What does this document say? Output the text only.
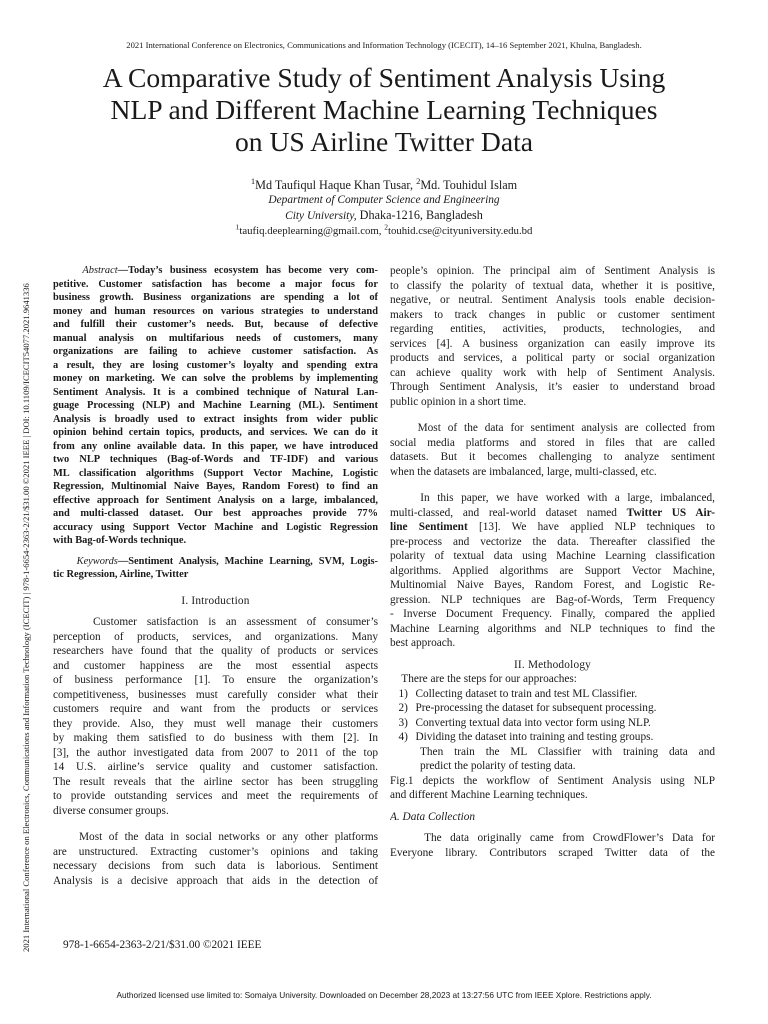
2021 International Conference on Electronics, Communications and Information Technology (ICECIT), 14–16 September 2021, Khulna, Bangladesh.
A Comparative Study of Sentiment Analysis Using
NLP and Different Machine Learning Techniques
on US Airline Twitter Data
$^1$Md Taufiqul Haque Khan Tusar, $^2$Md. Touhidul Islam
Department of Computer Science and Engineering
City University, Dhaka-1216, Bangladesh
$^1$taufiq.deeplearning@gmail.com, $^2$touhid.cse@cityuniversity.edu.bd
2021 International Conference on Electronics, Communications and Information Technology (ICECIT) | 978-1-6654-2363-2/21/$31.00 ©2021 IEEE | DOI: 10.1109/ICECIT54077.2021.9641336
Abstract—Today’s business ecosystem has become very com-
petitive. Customer satisfaction has become a major focus for
business growth. Business organizations are spending a lot of
money and human resources on various strategies to understand
and fulfill their customer’s needs. But, because of defective
manual analysis on multifarious needs of customers, many
organizations are failing to achieve customer satisfaction. As
a result, they are losing customer’s loyalty and spending extra
money on marketing. We can solve the problems by implementing
Sentiment Analysis. It is a combined technique of Natural Lan-
guage Processing (NLP) and Machine Learning (ML). Sentiment
Analysis is broadly used to extract insights from wider public
opinion behind certain topics, products, and services. We can do it
from any online available data. In this paper, we have introduced
two NLP techniques (Bag-of-Words and TF-IDF) and various
ML classification algorithms (Support Vector Machine, Logistic
Regression, Multinomial Naive Bayes, Random Forest) to find an
effective approach for Sentiment Analysis on a large, imbalanced,
and multi-classed dataset. Our best approaches provide 77%
accuracy using Support Vector Machine and Logistic Regression
with Bag-of-Words technique.
Keywords—Sentiment Analysis, Machine Learning, SVM, Logis-
tic Regression, Airline, Twitter
I. Introduction
Customer satisfaction is an assessment of consumer’s
perception of products, services, and organizations. Many
researchers have found that the quality of products or services
and customer happiness are the most essential aspects
of business performance [1]. To ensure the organization’s
competitiveness, businesses must carefully consider what their
customers require and want from the products or services
they provide. Also, they must well manage their customers
by making them satisfied to do business with them [2]. In
[3], the author investigated data from 2007 to 2011 of the top
14 U.S. airline’s service quality and customer satisfaction.
The result reveals that the airline sector has been struggling
to provide outstanding services and meet the requirements of
diverse consumer groups.
Most of the data in social networks or any other platforms
are unstructured. Extracting customer’s opinions and taking
necessary decisions from such data is laborious. Sentiment
Analysis is a decisive approach that aids in the detection of
people’s opinion. The principal aim of Sentiment Analysis is
to classify the polarity of textual data, whether it is positive,
negative, or neutral. Sentiment Analysis tools enable decision-
makers to track changes in public or customer sentiment
regarding entities, activities, products, technologies, and
services [4]. A business organization can easily improve its
products and services, a political party or social organization
can achieve quality work with help of Sentiment Analysis.
Through Sentiment Analysis, it’s easier to understand broad
public opinion in a short time.
Most of the data for sentiment analysis are collected from
social media platforms and stored in files that are called
datasets. But it becomes challenging to analyze sentiment
when the datasets are imbalanced, large, multi-classed, etc.
In this paper, we have worked with a large, imbalanced,
multi-classed, and real-world dataset named Twitter US Air-
line Sentiment [13]. We have applied NLP techniques to
pre-process and vectorize the data. Thereafter classified the
polarity of textual data using Machine Learning classification
algorithms. Applied algorithms are Support Vector Machine,
Multinomial Naive Bayes, Random Forest, and Logistic Re-
gression. NLP techniques are Bag-of-Words, Term Frequency
- Inverse Document Frequency. Finally, compared the applied
Machine Learning algorithms and NLP techniques to find the
best approach.
II. Methodology
There are the steps for our approaches:
1) Collecting dataset to train and test ML Classifier.
2) Pre-processing the dataset for subsequent processing.
3) Converting textual data into vector form using NLP.
4) Dividing the dataset into training and testing groups.
Then train the ML Classifier with training data and
predict the polarity of testing data.
Fig.1 depicts the workflow of Sentiment Analysis using NLP
and different Machine Learning techniques.
A. Data Collection
The data originally came from CrowdFlower’s Data for
Everyone library. Contributors scraped Twitter data of the
978-1-6654-2363-2/21/$31.00 ©2021 IEEE
Authorized licensed use limited to: Somaiya University. Downloaded on December 28,2023 at 13:27:56 UTC from IEEE Xplore. Restrictions apply.
